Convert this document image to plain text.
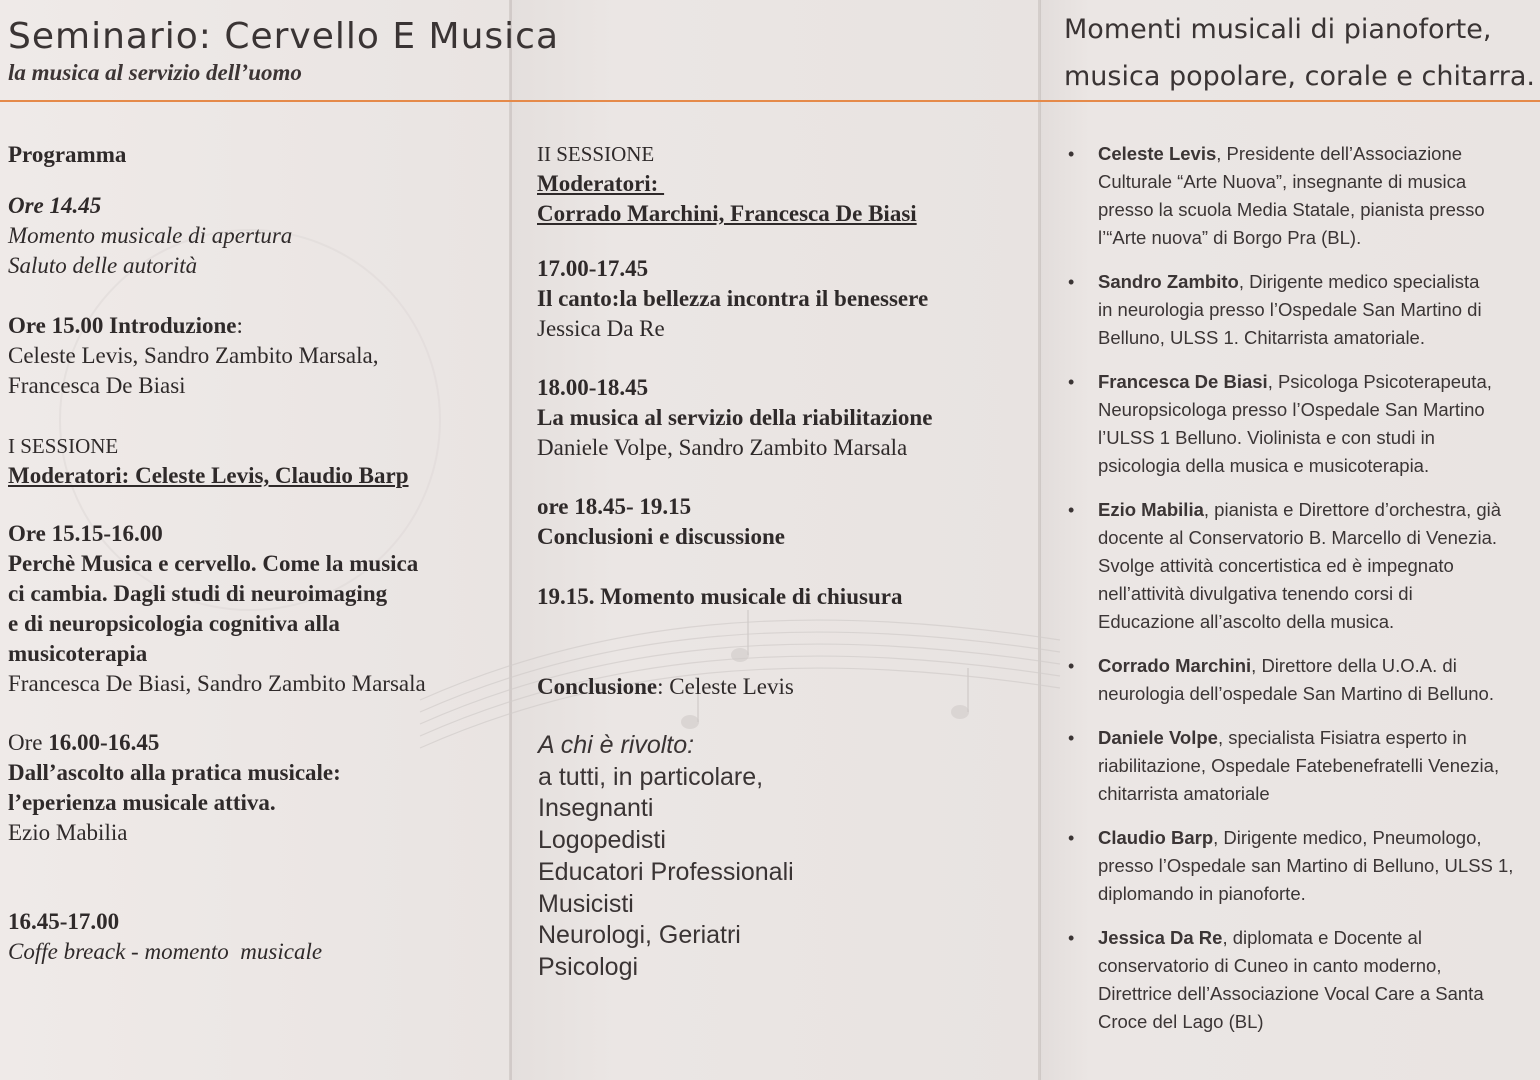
Seminario: Cervello E Musica
la musica al servizio dell’uomo
Momenti musicali di pianoforte,
musica popolare, corale e chitarra.
Programma
Ore 14.45
Momento musicale di apertura
Saluto delle autorità
Ore 15.00 Introduzione:
Celeste Levis, Sandro Zambito Marsala,
Francesca De Biasi
I SESSIONE
Moderatori: Celeste Levis, Claudio Barp
Ore 15.15-16.00
Perchè Musica e cervello. Come la musica
ci cambia. Dagli studi di neuroimaging
e di neuropsicologia cognitiva alla
musicoterapia
Francesca De Biasi, Sandro Zambito Marsala
Ore 16.00-16.45
Dall’ascolto alla pratica musicale:
l’eperienza musicale attiva.
Ezio Mabilia
16.45-17.00
Coffe breack - momento  musicale
II SESSIONE
Moderatori:
Corrado Marchini, Francesca De Biasi
17.00-17.45
Il canto:la bellezza incontra il benessere
Jessica Da Re
18.00-18.45
La musica al servizio della riabilitazione
Daniele Volpe, Sandro Zambito Marsala
ore 18.45- 19.15
Conclusioni e discussione
19.15. Momento musicale di chiusura
Conclusione: Celeste Levis
A chi è rivolto:
a tutti, in particolare,
Insegnanti
Logopedisti
Educatori Professionali
Musicisti
Neurologi, Geriatri
Psicologi
• Celeste Levis, Presidente dell’Associazione
Culturale “Arte Nuova”, insegnante di musica
presso la scuola Media Statale, pianista presso
l’“Arte nuova” di Borgo Pra (BL).
• Sandro Zambito, Dirigente medico specialista
in neurologia presso l’Ospedale San Martino di
Belluno, ULSS 1. Chitarrista amatoriale.
• Francesca De Biasi, Psicologa Psicoterapeuta,
Neuropsicologa presso l’Ospedale San Martino
l’ULSS 1 Belluno. Violinista e con studi in
psicologia della musica e musicoterapia.
• Ezio Mabilia, pianista e Direttore d’orchestra, già
docente al Conservatorio B. Marcello di Venezia.
Svolge attività concertistica ed è impegnato
nell’attività divulgativa tenendo corsi di
Educazione all’ascolto della musica.
• Corrado Marchini, Direttore della U.O.A. di
neurologia dell’ospedale San Martino di Belluno.
• Daniele Volpe, specialista Fisiatra esperto in
riabilitazione, Ospedale Fatebenefratelli Venezia,
chitarrista amatoriale
• Claudio Barp, Dirigente medico, Pneumologo,
presso l’Ospedale san Martino di Belluno, ULSS 1,
diplomando in pianoforte.
• Jessica Da Re, diplomata e Docente al
conservatorio di Cuneo in canto moderno,
Direttrice dell’Associazione Vocal Care a Santa
Croce del Lago (BL)
